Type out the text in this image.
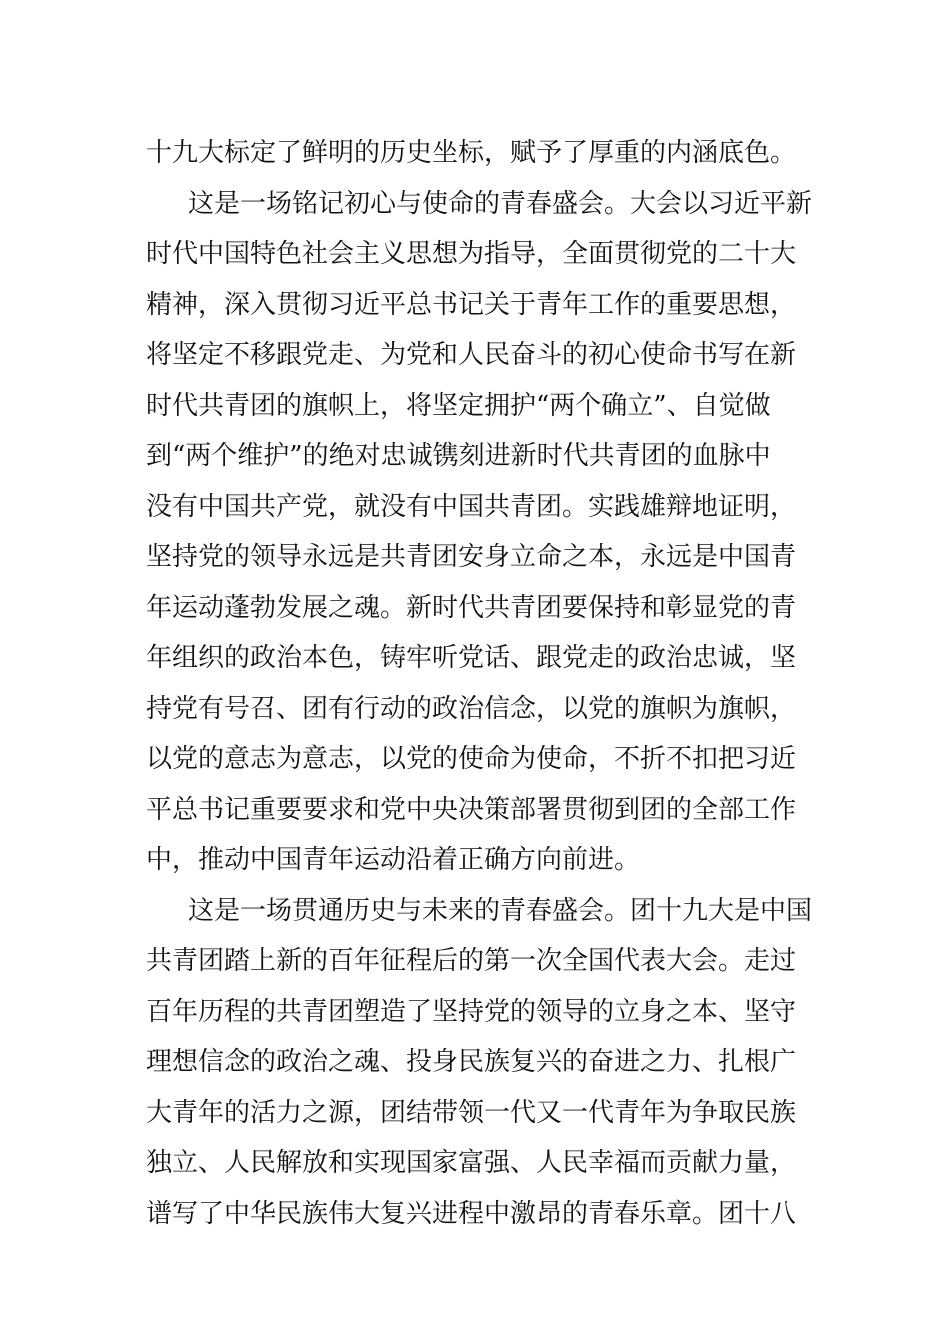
十九大标定了鲜明的历史坐标，赋予了厚重的内涵底色。
这是一场铭记初心与使命的青春盛会。大会以习近平新
时代中国特色社会主义思想为指导，全面贯彻党的二十大
精神，深入贯彻习近平总书记关于青年工作的重要思想，
将坚定不移跟党走、为党和人民奋斗的初心使命书写在新
时代共青团的旗帜上，将坚定拥护“两个确立”、自觉做
到“两个维护”的绝对忠诚镌刻进新时代共青团的血脉中
没有中国共产党，就没有中国共青团。实践雄辩地证明，
坚持党的领导永远是共青团安身立命之本，永远是中国青
年运动蓬勃发展之魂。新时代共青团要保持和彰显党的青
年组织的政治本色，铸牢听党话、跟党走的政治忠诚，坚
持党有号召、团有行动的政治信念，以党的旗帜为旗帜，
以党的意志为意志，以党的使命为使命，不折不扣把习近
平总书记重要要求和党中央决策部署贯彻到团的全部工作
中，推动中国青年运动沿着正确方向前进。
这是一场贯通历史与未来的青春盛会。团十九大是中国
共青团踏上新的百年征程后的第一次全国代表大会。走过
百年历程的共青团塑造了坚持党的领导的立身之本、坚守
理想信念的政治之魂、投身民族复兴的奋进之力、扎根广
大青年的活力之源，团结带领一代又一代青年为争取民族
独立、人民解放和实现国家富强、人民幸福而贡献力量，
谱写了中华民族伟大复兴进程中激昂的青春乐章。团十八
